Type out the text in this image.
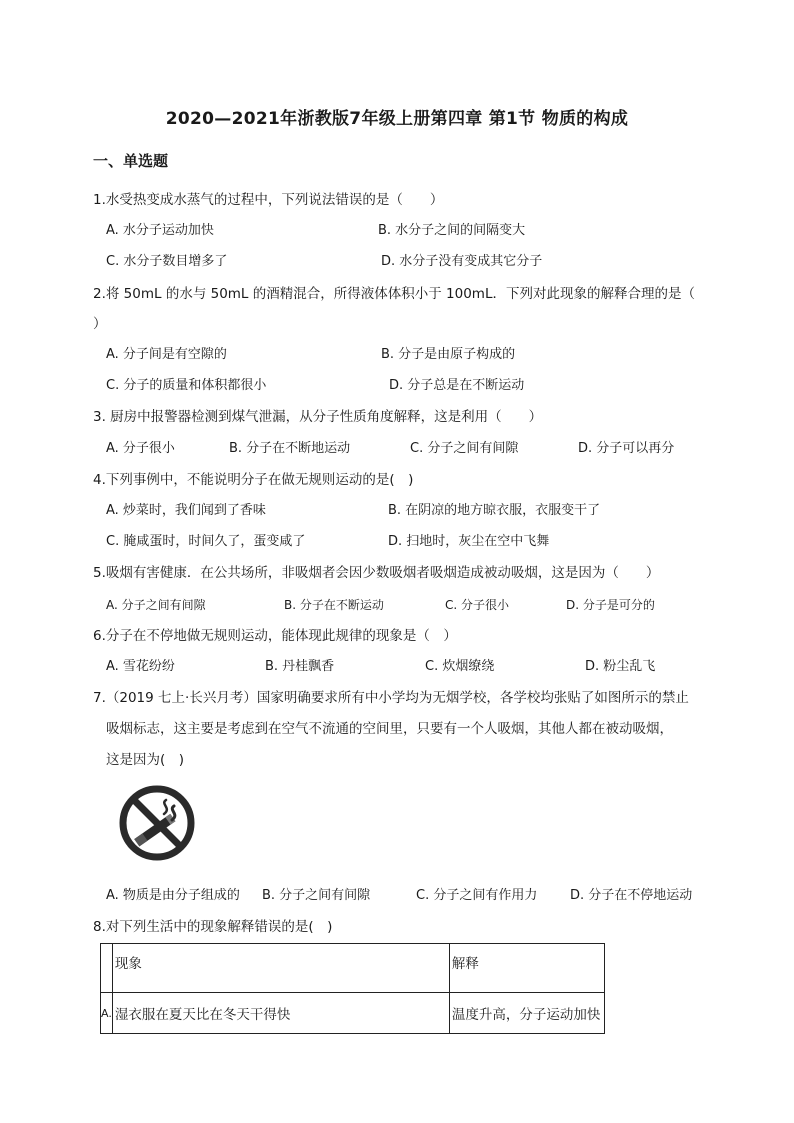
2020—2021年浙教版7年级上册第四章 第1节 物质的构成
一、单选题
1.水受热变成水蒸气的过程中，下列说法错误的是（　　）
A. 水分子运动加快	B. 水分子之间的间隔变大
C. 水分子数目增多了	D. 水分子没有变成其它分子
2.将 50mL 的水与 50mL 的酒精混合，所得液体体积小于 100mL．下列对此现象的解释合理的是（
）
A. 分子间是有空隙的	B. 分子是由原子构成的
C. 分子的质量和体积都很小	D. 分子总是在不断运动
3. 厨房中报警器检测到煤气泄漏，从分子性质角度解释，这是利用（　　）
A. 分子很小	B. 分子在不断地运动	C. 分子之间有间隙	D. 分子可以再分
4.下列事例中，不能说明分子在做无规则运动的是(　)
A. 炒菜时，我们闻到了香味	B. 在阴凉的地方晾衣服，衣服变干了
C. 腌咸蛋时，时间久了，蛋变咸了	D. 扫地时，灰尘在空中飞舞
5.吸烟有害健康．在公共场所，非吸烟者会因少数吸烟者吸烟造成被动吸烟，这是因为（　　）
A. 分子之间有间隙	B. 分子在不断运动	C. 分子很小	D. 分子是可分的
6.分子在不停地做无规则运动，能体现此规律的现象是（　）
A. 雪花纷纷	B. 丹桂飘香	C. 炊烟缭绕	D. 粉尘乱飞
7.（2019 七上·长兴月考）国家明确要求所有中小学均为无烟学校，各学校均张贴了如图所示的禁止
吸烟标志，这主要是考虑到在空气不流通的空间里，只要有一个人吸烟，其他人都在被动吸烟，
这是因为(　)
A. 物质是由分子组成的 B. 分子之间有间隙	C. 分子之间有作用力	D. 分子在不停地运动
8.对下列生活中的现象解释错误的是(　)
	现象	解释
A.	湿衣服在夏天比在冬天干得快	温度升高，分子运动加快
